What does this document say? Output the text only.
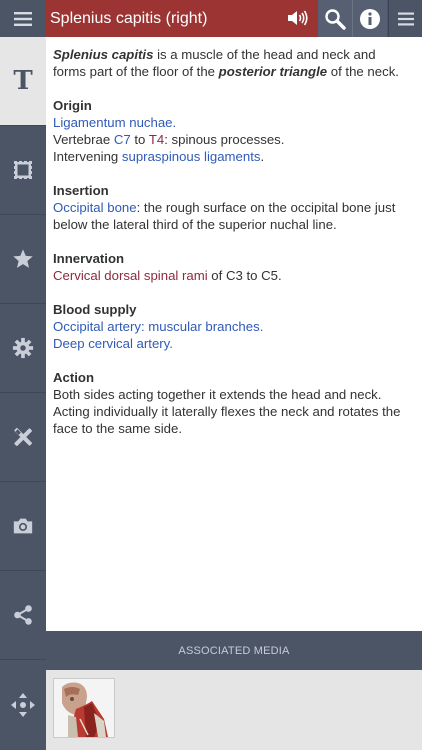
Splenius capitis (right)
T

Splenius capitis is a muscle of the head and neck and forms part of the floor of the posterior triangle of the neck.

Origin
Ligamentum nuchae.
Vertebrae C7 to T4: spinous processes.
Intervening supraspinous ligaments.
Insertion
Occipital bone: the rough surface on the occipital bone just below the lateral third of the superior nuchal line.
Innervation
Cervical dorsal spinal rami of C3 to C5.
Blood supply
Occipital artery: muscular branches.
Deep cervical artery.
Action
Both sides acting together it extends the head and neck. Acting individually it laterally flexes the neck and rotates the face to the same side.
ASSOCIATED MEDIA
